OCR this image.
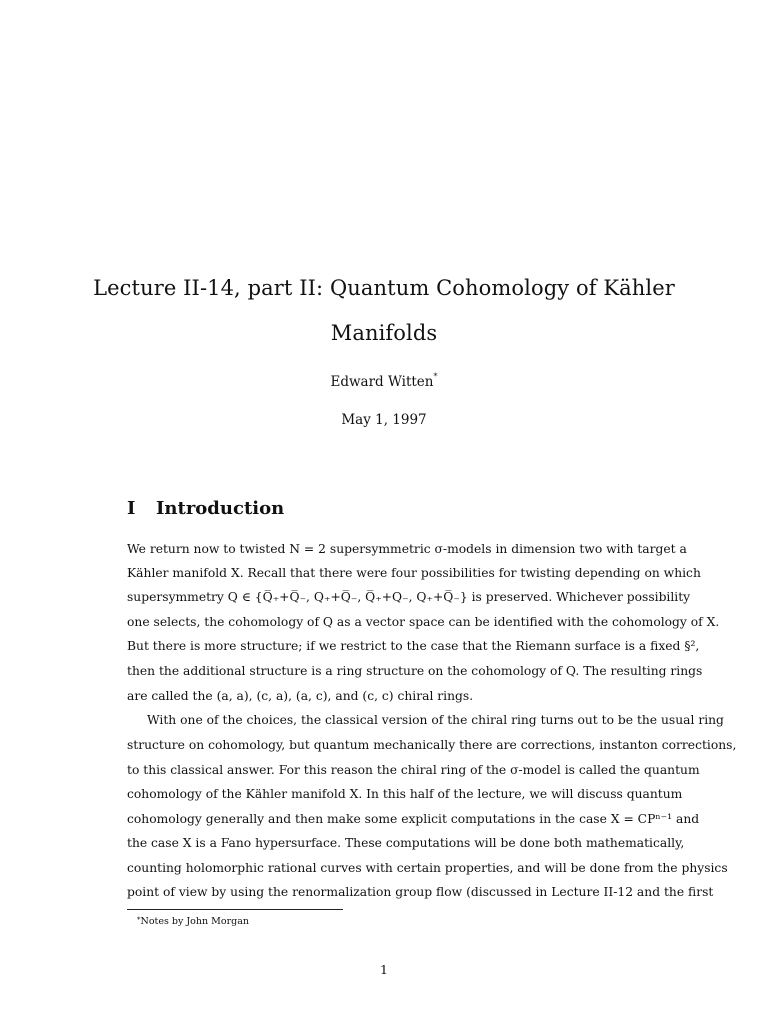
Lecture II-14, part II: Quantum Cohomology of Kähler
Manifolds
Edward Witten*
May 1, 1997
I Introduction
We return now to twisted N = 2 supersymmetric σ-models in dimension two with target a
Kähler manifold X. Recall that there were four possibilities for twisting depending on which
supersymmetry Q ∈ {Q̅₊+Q̅₋, Q₊+Q̅₋, Q̅₊+Q₋, Q₊+Q̅₋} is preserved. Whichever possibility
one selects, the cohomology of Q as a vector space can be identified with the cohomology of X.
But there is more structure; if we restrict to the case that the Riemann surface is a fixed §²,
then the additional structure is a ring structure on the cohomology of Q. The resulting rings
are called the (a, a), (c, a), (a, c), and (c, c) chiral rings.
With one of the choices, the classical version of the chiral ring turns out to be the usual ring
structure on cohomology, but quantum mechanically there are corrections, instanton corrections,
to this classical answer. For this reason the chiral ring of the σ-model is called the quantum
cohomology of the Kähler manifold X. In this half of the lecture, we will discuss quantum
cohomology generally and then make some explicit computations in the case X = CPⁿ⁻¹ and
the case X is a Fano hypersurface. These computations will be done both mathematically,
counting holomorphic rational curves with certain properties, and will be done from the physics
point of view by using the renormalization group flow (discussed in Lecture II-12 and the first
*Notes by John Morgan
1
